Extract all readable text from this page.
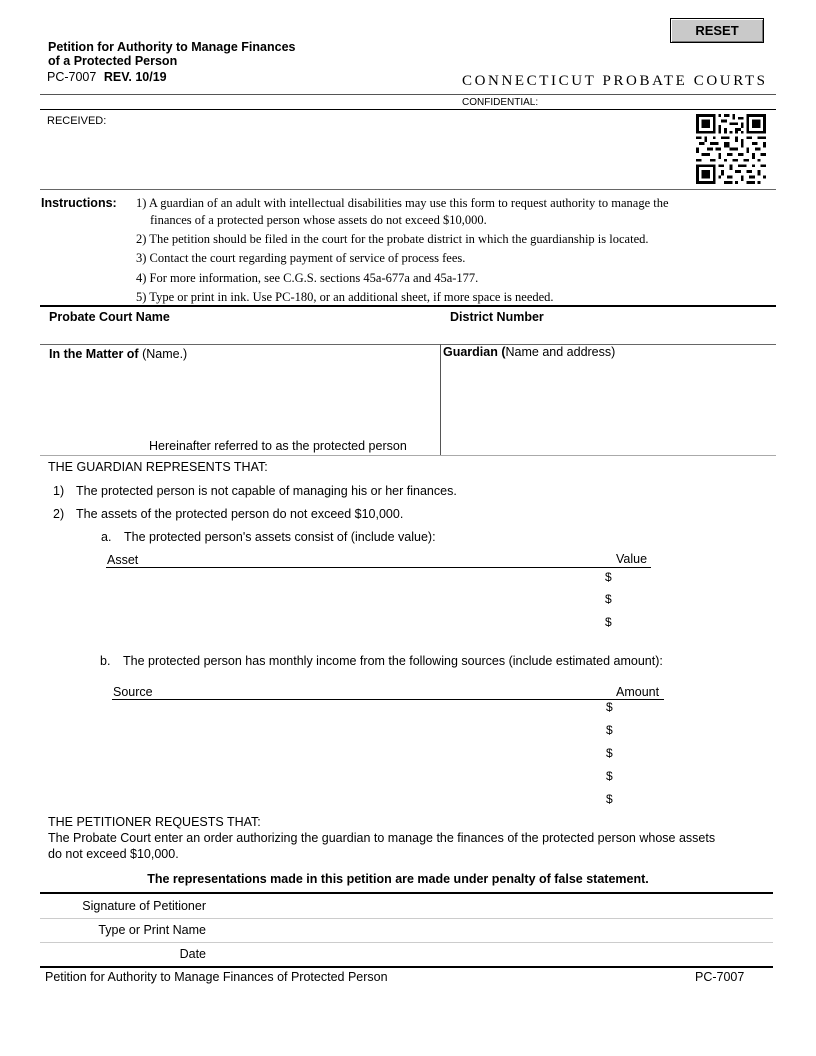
RESET
Petition for Authority to Manage Finances
of a Protected Person
PC-7007 REV. 10/19	CONNECTICUT PROBATE COURTS
CONFIDENTIAL:
RECEIVED:
Instructions: 1) A guardian of an adult with intellectual disabilities may use this form to request authority to manage the
finances of a protected person whose assets do not exceed $10,000.
2) The petition should be filed in the court for the probate district in which the guardianship is located.
3) Contact the court regarding payment of service of process fees.
4) For more information, see C.G.S. sections 45a-677a and 45a-177.
5) Type or print in ink. Use PC-180, or an additional sheet, if more space is needed.
Probate Court Name	District Number
In the Matter of (Name.)
Hereinafter referred to as the protected person
Guardian (Name and address)
THE GUARDIAN REPRESENTS THAT:
1) The protected person is not capable of managing his or her finances.
2) The assets of the protected person do not exceed $10,000.
a. The protected person's assets consist of (include value):
Asset	Value
$
$
$
b. The protected person has monthly income from the following sources (include estimated amount):
Source	Amount
$
$
$
$
$
THE PETITIONER REQUESTS THAT:
The Probate Court enter an order authorizing the guardian to manage the finances of the protected person whose assets
do not exceed $10,000.
The representations made in this petition are made under penalty of false statement.
Signature of Petitioner
Type or Print Name
Date
Petition for Authority to Manage Finances of Protected Person	PC-7007
